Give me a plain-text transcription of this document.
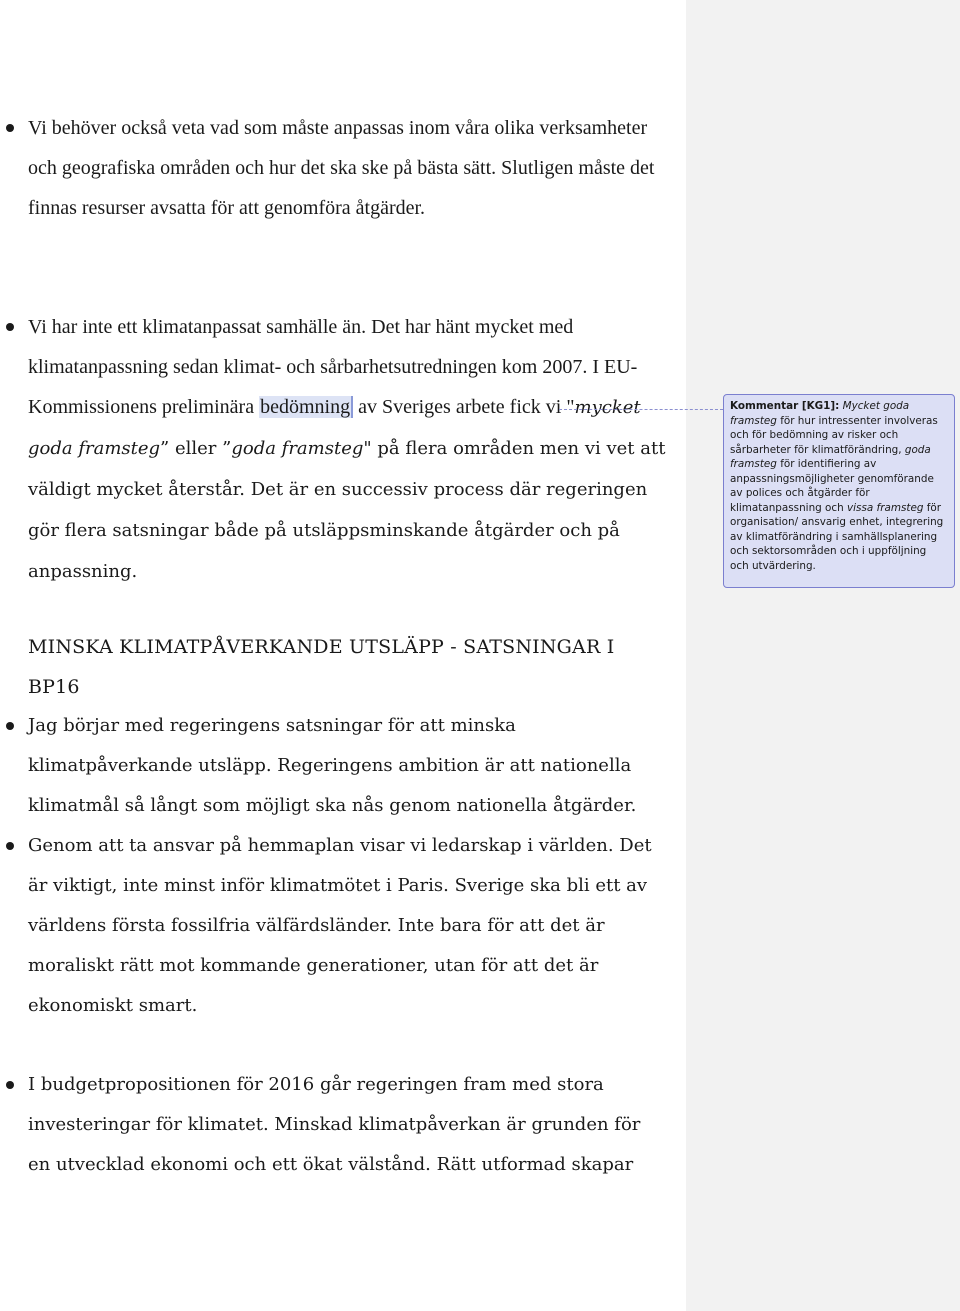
Vi behöver också veta vad som måste anpassas inom våra olika verksamheter och geografiska områden och hur det ska ske på bästa sätt. Slutligen måste det finnas resurser avsatta för att genomföra åtgärder.
Vi har inte ett klimatanpassat samhälle än. Det har hänt mycket med klimatanpassning sedan klimat- och sårbarhetsutredningen kom 2007. I EU-Kommissionens preliminära bedömning av Sveriges arbete fick vi "mycket goda framsteg” eller ”goda framsteg" på flera områden men vi vet att väldigt mycket återstår. Det är en successiv process där regeringen gör flera satsningar både på utsläppsminskande åtgärder och på anpassning.
MINSKA KLIMATPÅVERKANDE UTSLÄPP - SATSNINGAR I BP16
Jag börjar med regeringens satsningar för att minska klimatpåverkande utsläpp. Regeringens ambition är att nationella klimatmål så långt som möjligt ska nås genom nationella åtgärder.
Genom att ta ansvar på hemmaplan visar vi ledarskap i världen. Det är viktigt, inte minst inför klimatmötet i Paris. Sverige ska bli ett av världens första fossilfria välfärdsländer. Inte bara för att det är moraliskt rätt mot kommande generationer, utan för att det är ekonomiskt smart.
I budgetpropositionen för 2016 går regeringen fram med stora investeringar för klimatet. Minskad klimatpåverkan är grunden för en utvecklad ekonomi och ett ökat välstånd. Rätt utformad skapar
Kommentar [KG1]: Mycket goda framsteg för hur intressenter involveras och för bedömning av risker och sårbarheter för klimatförändring, goda framsteg för identifiering av anpassningsmöjligheter genomförande av polices och åtgärder för klimatanpassning och vissa framsteg för organisation/ ansvarig enhet, integrering av klimatförändring i samhällsplanering och sektorsområden och i uppföljning och utvärdering.
